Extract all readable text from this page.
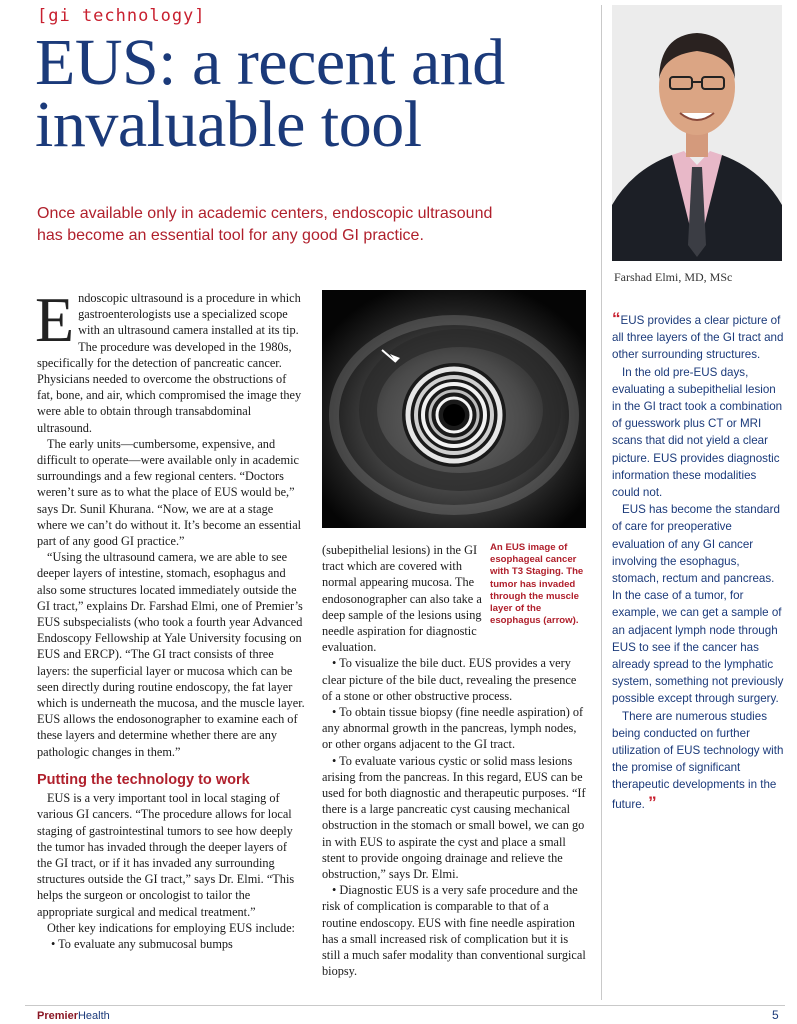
[gi technology]
EUS: a recent and invaluable tool
Once available only in academic centers, endoscopic ultrasound has become an essential tool for any good GI practice.
Farshad Elmi, MD, MSc

Endoscopic ultrasound is a procedure in which gastroenterologists use a specialized scope with an ultrasound camera installed at its tip. The procedure was developed in the 1980s, specifically for the detection of pancreatic cancer. Physicians needed to overcome the obstructions of fat, bone, and air, which compromised the image they were able to obtain through transabdominal ultrasound.

The early units—cumbersome, expensive, and difficult to operate—were available only in academic surroundings and a few regional centers. “Doctors weren’t sure as to what the place of EUS would be,” says Dr. Sunil Khurana. “Now, we are at a stage where we can’t do without it. It’s become an essential part of any good GI practice.”

“Using the ultrasound camera, we are able to see deeper layers of intestine, stomach, esophagus and also some structures located immediately outside the GI tract,” explains Dr. Farshad Elmi, one of Premier’s EUS subspecialists (who took a fourth year Advanced Endoscopy Fellowship at Yale University focusing on EUS and ERCP). “The GI tract consists of three layers: the superficial layer or mucosa which can be seen directly during routine endoscopy, the fat layer which is underneath the mucosa, and the muscle layer. EUS allows the endosonographer to examine each of these layers and determine whether there are any pathologic changes in them.”

Putting the technology to work

EUS is a very important tool in local staging of various GI cancers. “The procedure allows for local staging of gastrointestinal tumors to see how deeply the tumor has invaded through the deeper layers of the GI tract, or if it has invaded any surrounding structures outside the GI tract,” says Dr. Elmi. “This helps the surgeon or oncologist to tailor the appropriate surgical and medical treatment.”

Other key indications for employing EUS include:

• To evaluate any submucosal bumps

An EUS image of esophageal cancer with T3 Staging. The tumor has invaded through the muscle layer of the esophagus (arrow).

(subepithelial lesions) in the GI tract which are covered with normal appearing mucosa. The endosonographer can also take a deep sample of the lesions using needle aspiration for diagnostic evaluation.

• To visualize the bile duct. EUS provides a very clear picture of the bile duct, revealing the presence of a stone or other obstructive process.

• To obtain tissue biopsy (fine needle aspiration) of any abnormal growth in the pancreas, lymph nodes, or other organs adjacent to the GI tract.

• To evaluate various cystic or solid mass lesions arising from the pancreas. In this regard, EUS can be used for both diagnostic and therapeutic purposes. “If there is a large pancreatic cyst causing mechanical obstruction in the stomach or small bowel, we can go in with EUS to aspirate the cyst and place a small stent to provide ongoing drainage and relieve the obstruction,” says Dr. Elmi.

• Diagnostic EUS is a very safe procedure and the risk of complication is comparable to that of a routine endoscopy. EUS with fine needle aspiration has a small increased risk of complication but it is still a much safer modality than conventional surgical biopsy.

“EUS provides a clear picture of all three layers of the GI tract and other surrounding structures.

In the old pre-EUS days, evaluating a subepithelial lesion in the GI tract took a combination of guesswork plus CT or MRI scans that did not yield a clear picture. EUS provides diagnostic information these modalities could not.

EUS has become the standard of care for preoperative evaluation of any GI cancer involving the esophagus, stomach, rectum and pancreas. In the case of a tumor, for example, we can get a sample of an adjacent lymph node through EUS to see if the cancer has already spread to the lymphatic system, something not previously possible except through surgery.

There are numerous studies being conducted on further utilization of EUS technology with the promise of significant therapeutic developments in the future. ”

PremierHealth	5
